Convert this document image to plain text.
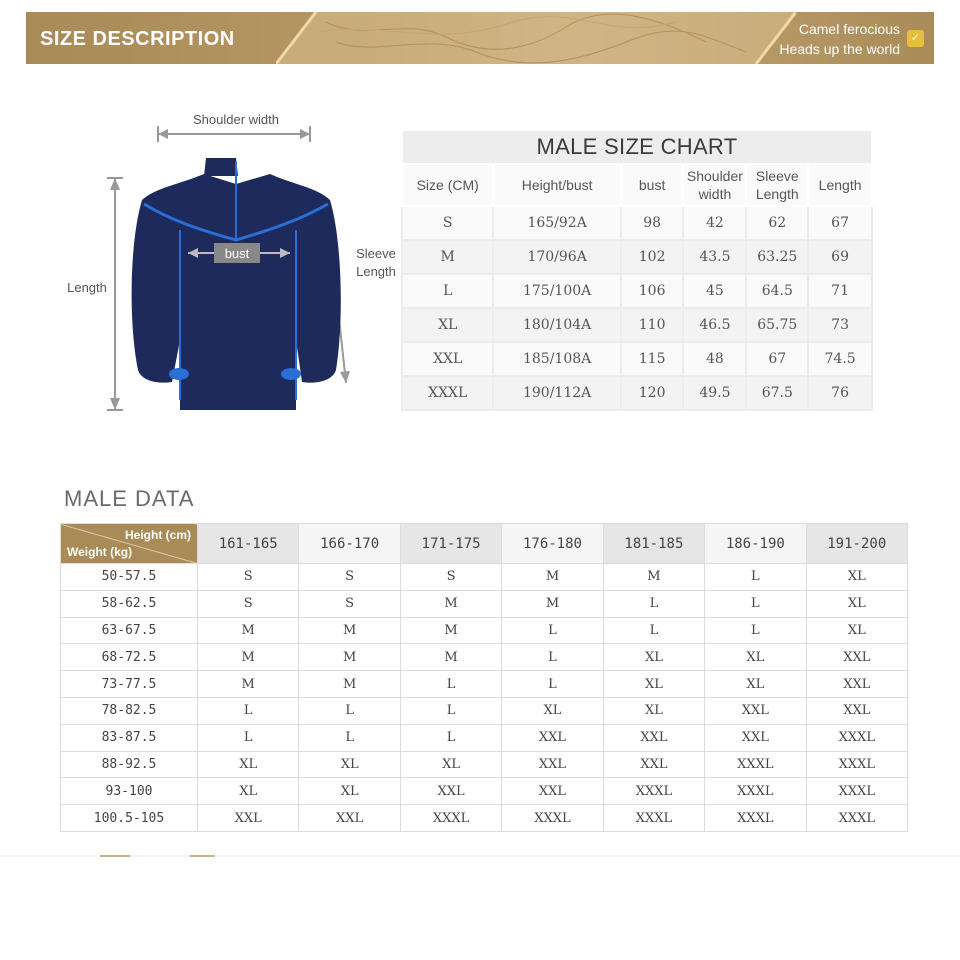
SIZE DESCRIPTION	Camel ferocious
Heads up the world
✓
Shoulder width
Length
Sleeve
Length
bust
MALE SIZE CHART					
Size (CM)	Height/bust	bust	Shoulder width	Sleeve Length	Length
S	165/92A	98	42	62	67
M	170/96A	102	43.5	63.25	69
L	175/100A	106	45	64.5	71
XL	180/104A	110	46.5	65.75	73
XXL	185/108A	115	48	67	74.5
XXXL	190/112A	120	49.5	67.5	76
MALE DATA
Height (cm)
Weight (kg)	161-165	166-170	171-175	176-180	181-185	186-190	191-200
50-57.5	S	S	S	M	M	L	XL
58-62.5	S	S	M	M	L	L	XL
63-67.5	M	M	M	L	L	L	XL
68-72.5	M	M	M	L	XL	XL	XXL
73-77.5	M	M	L	L	XL	XL	XXL
78-82.5	L	L	L	XL	XL	XXL	XXL
83-87.5	L	L	L	XXL	XXL	XXL	XXXL
88-92.5	XL	XL	XL	XXL	XXL	XXXL	XXXL
93-100	XL	XL	XXL	XXL	XXXL	XXXL	XXXL
100.5-105	XXL	XXL	XXXL	XXXL	XXXL	XXXL	XXXL
